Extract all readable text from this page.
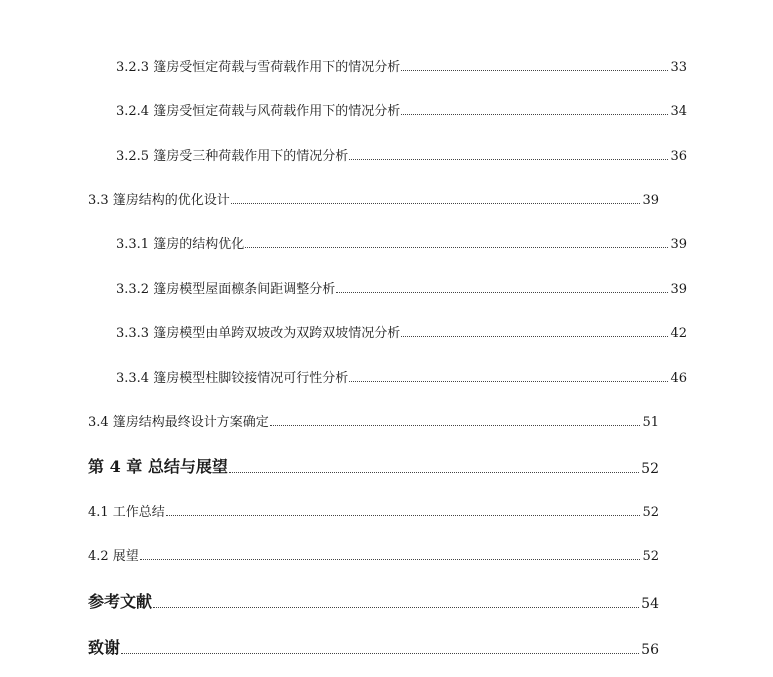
3.2.3 篷房受恒定荷载与雪荷载作用下的情况分析	33
3.2.4 篷房受恒定荷载与风荷载作用下的情况分析	34
3.2.5 篷房受三种荷载作用下的情况分析	36
3.3 篷房结构的优化设计	39
3.3.1 篷房的结构优化	39
3.3.2 篷房模型屋面檩条间距调整分析	39
3.3.3 篷房模型由单跨双坡改为双跨双坡情况分析	42
3.3.4 篷房模型柱脚铰接情况可行性分析	46
3.4 篷房结构最终设计方案确定	51
第 4 章 总结与展望	52
4.1 工作总结	52
4.2 展望	52
参考文献	54
致谢	56
